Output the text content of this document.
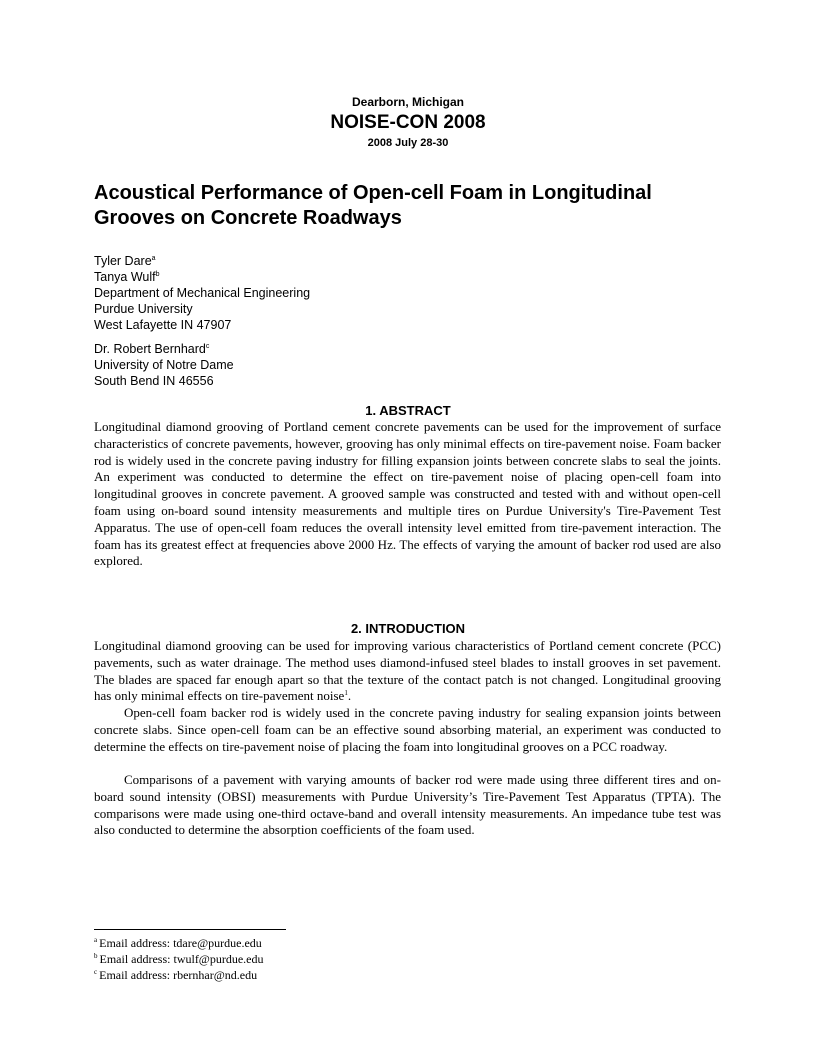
Dearborn, Michigan
NOISE-CON 2008
2008 July 28-30
Acoustical Performance of Open-cell Foam in Longitudinal Grooves on Concrete Roadways
Tyler Dare$^a$
Tanya Wulf$^b$
Department of Mechanical Engineering
Purdue University
West Lafayette IN 47907
Dr. Robert Bernhard$^c$
University of Notre Dame
South Bend IN 46556
1. ABSTRACT

Longitudinal diamond grooving of Portland cement concrete pavements can be used for the improvement of surface characteristics of concrete pavements, however, grooving has only minimal effects on tire-pavement noise. Foam backer rod is widely used in the concrete paving industry for filling expansion joints between concrete slabs to seal the joints. An experiment was conducted to determine the effect on tire-pavement noise of placing open-cell foam into longitudinal grooves in concrete pavement. A grooved sample was constructed and tested with and without open-cell foam using on-board sound intensity measurements and multiple tires on Purdue University's Tire-Pavement Test Apparatus. The use of open-cell foam reduces the overall intensity level emitted from tire-pavement interaction. The foam has its greatest effect at frequencies above 2000 Hz. The effects of varying the amount of backer rod used are also explored.

2. INTRODUCTION

Longitudinal diamond grooving can be used for improving various characteristics of Portland cement concrete (PCC) pavements, such as water drainage. The method uses diamond-infused steel blades to install grooves in set pavement. The blades are spaced far enough apart so that the texture of the contact patch is not changed. Longitudinal grooving has only minimal effects on tire-pavement noise$^1$.

Open-cell foam backer rod is widely used in the concrete paving industry for sealing expansion joints between concrete slabs. Since open-cell foam can be an effective sound absorbing material, an experiment was conducted to determine the effects on tire-pavement noise of placing the foam into longitudinal grooves on a PCC roadway.

Comparisons of a pavement with varying amounts of backer rod were made using three different tires and on-board sound intensity (OBSI) measurements with Purdue University’s Tire-Pavement Test Apparatus (TPTA). The comparisons were made using one-third octave-band and overall intensity measurements. An impedance tube test was also conducted to determine the absorption coefficients of the foam used.

$^a$ Email address: tdare@purdue.edu
$^b$ Email address: twulf@purdue.edu
$^c$ Email address: rbernhar@nd.edu
